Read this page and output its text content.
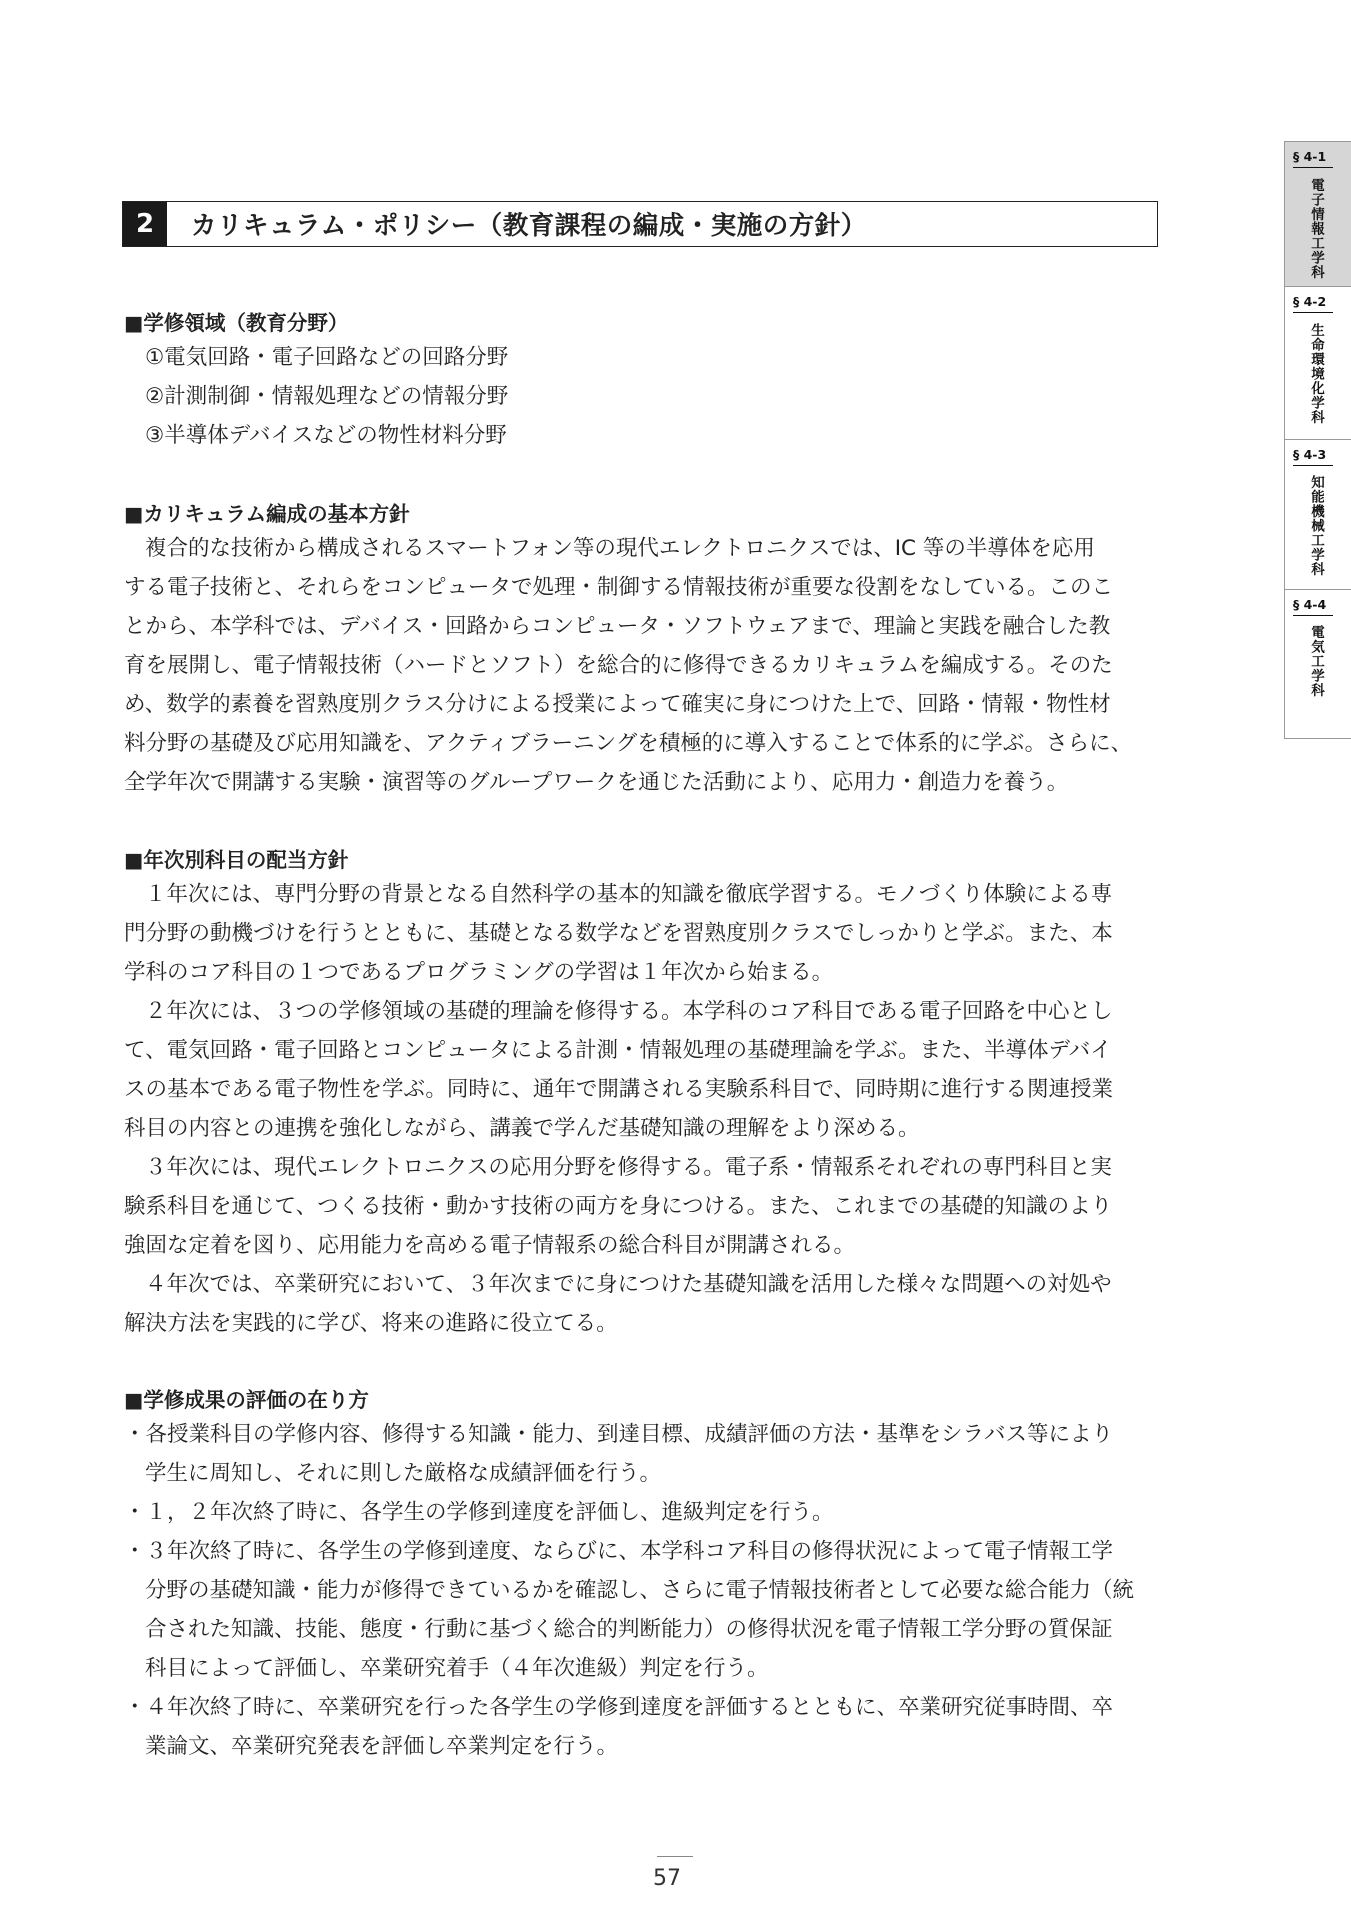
2	カリキュラム・ポリシー（教育課程の編成・実施の方針）
■学修領域（教育分野）
①電気回路・電子回路などの回路分野
②計測制御・情報処理などの情報分野
③半導体デバイスなどの物性材料分野
■カリキュラム編成の基本方針
複合的な技術から構成されるスマートフォン等の現代エレクトロニクスでは、IC 等の半導体を応用
する電子技術と、それらをコンピュータで処理・制御する情報技術が重要な役割をなしている。このこ
とから、本学科では、デバイス・回路からコンピュータ・ソフトウェアまで、理論と実践を融合した教
育を展開し、電子情報技術（ハードとソフト）を総合的に修得できるカリキュラムを編成する。そのた
め、数学的素養を習熟度別クラス分けによる授業によって確実に身につけた上で、回路・情報・物性材
料分野の基礎及び応用知識を、アクティブラーニングを積極的に導入することで体系的に学ぶ。さらに、
全学年次で開講する実験・演習等のグループワークを通じた活動により、応用力・創造力を養う。
■年次別科目の配当方針
１年次には、専門分野の背景となる自然科学の基本的知識を徹底学習する。モノづくり体験による専
門分野の動機づけを行うとともに、基礎となる数学などを習熟度別クラスでしっかりと学ぶ。また、本
学科のコア科目の１つであるプログラミングの学習は１年次から始まる。
２年次には、３つの学修領域の基礎的理論を修得する。本学科のコア科目である電子回路を中心とし
て、電気回路・電子回路とコンピュータによる計測・情報処理の基礎理論を学ぶ。また、半導体デバイ
スの基本である電子物性を学ぶ。同時に、通年で開講される実験系科目で、同時期に進行する関連授業
科目の内容との連携を強化しながら、講義で学んだ基礎知識の理解をより深める。
３年次には、現代エレクトロニクスの応用分野を修得する。電子系・情報系それぞれの専門科目と実
験系科目を通じて、つくる技術・動かす技術の両方を身につける。また、これまでの基礎的知識のより
強固な定着を図り、応用能力を高める電子情報系の総合科目が開講される。
４年次では、卒業研究において、３年次までに身につけた基礎知識を活用した様々な問題への対処や
解決方法を実践的に学び、将来の進路に役立てる。
■学修成果の評価の在り方
・各授業科目の学修内容、修得する知識・能力、到達目標、成績評価の方法・基準をシラバス等により
学生に周知し、それに則した厳格な成績評価を行う。
・１，２年次終了時に、各学生の学修到達度を評価し、進級判定を行う。
・３年次終了時に、各学生の学修到達度、ならびに、本学科コア科目の修得状況によって電子情報工学
分野の基礎知識・能力が修得できているかを確認し、さらに電子情報技術者として必要な総合能力（統
合された知識、技能、態度・行動に基づく総合的判断能力）の修得状況を電子情報工学分野の質保証
科目によって評価し、卒業研究着手（４年次進級）判定を行う。
・４年次終了時に、卒業研究を行った各学生の学修到達度を評価するとともに、卒業研究従事時間、卒
業論文、卒業研究発表を評価し卒業判定を行う。
§ 4-1
電子情報工学科
§ 4-2
生命環境化学科
§ 4-3
知能機械工学科
§ 4-4
電気工学科
57
